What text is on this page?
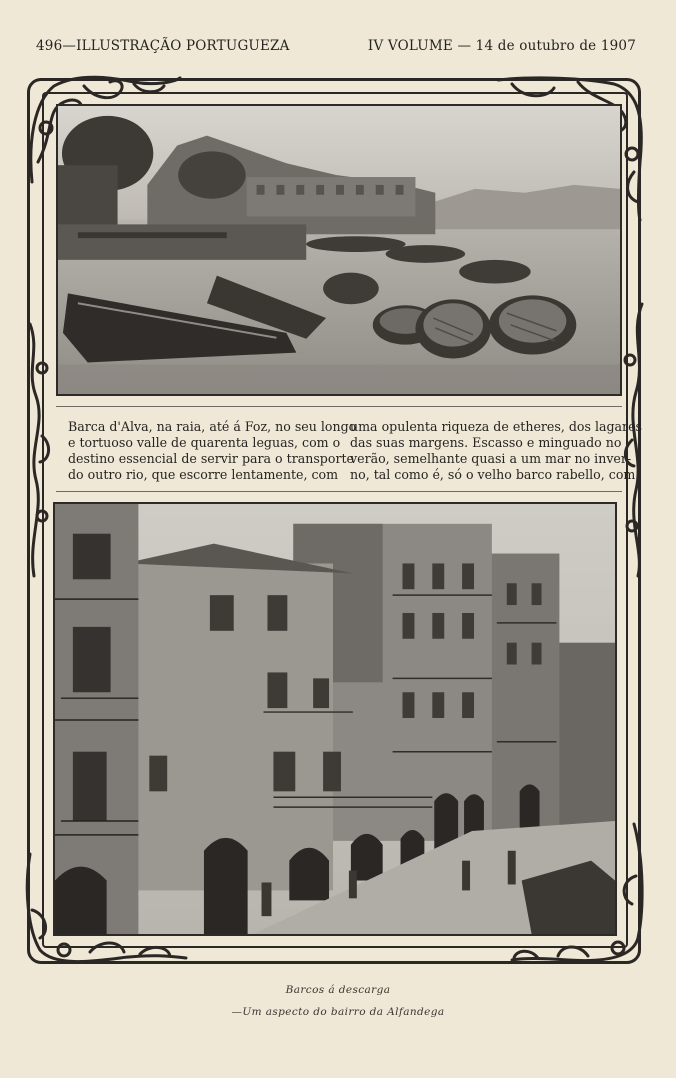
496—ILLUSTRAÇÃO PORTUGUEZA	IV VOLUME — 14 de outubro de 1907
Barca d'Alva, na raia, até á Foz, no seu longo
e tortuoso valle de quarenta leguas, com o
destino essencial de servir para o transporte
do outro rio, que escorre lentamente, com
uma opulenta riqueza de etheres, dos lagares
das suas margens. Escasso e minguado no
verão, semelhante quasi a um mar no inver-
no, tal como é, só o velho barco rabello, com
Barcos á descarga
—Um aspecto do bairro da Alfandega
